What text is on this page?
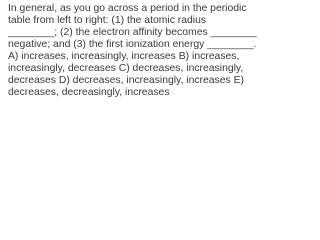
In general, as you go across a period in the periodic table from left to right: (1) the atomic radius ________; (2) the electron affinity becomes ________ negative; and (3) the first ionization energy ________. A) increases, increasingly, increases B) increases, increasingly, decreases C) decreases, increasingly, decreases D) decreases, increasingly, increases E) decreases, decreasingly, increases
